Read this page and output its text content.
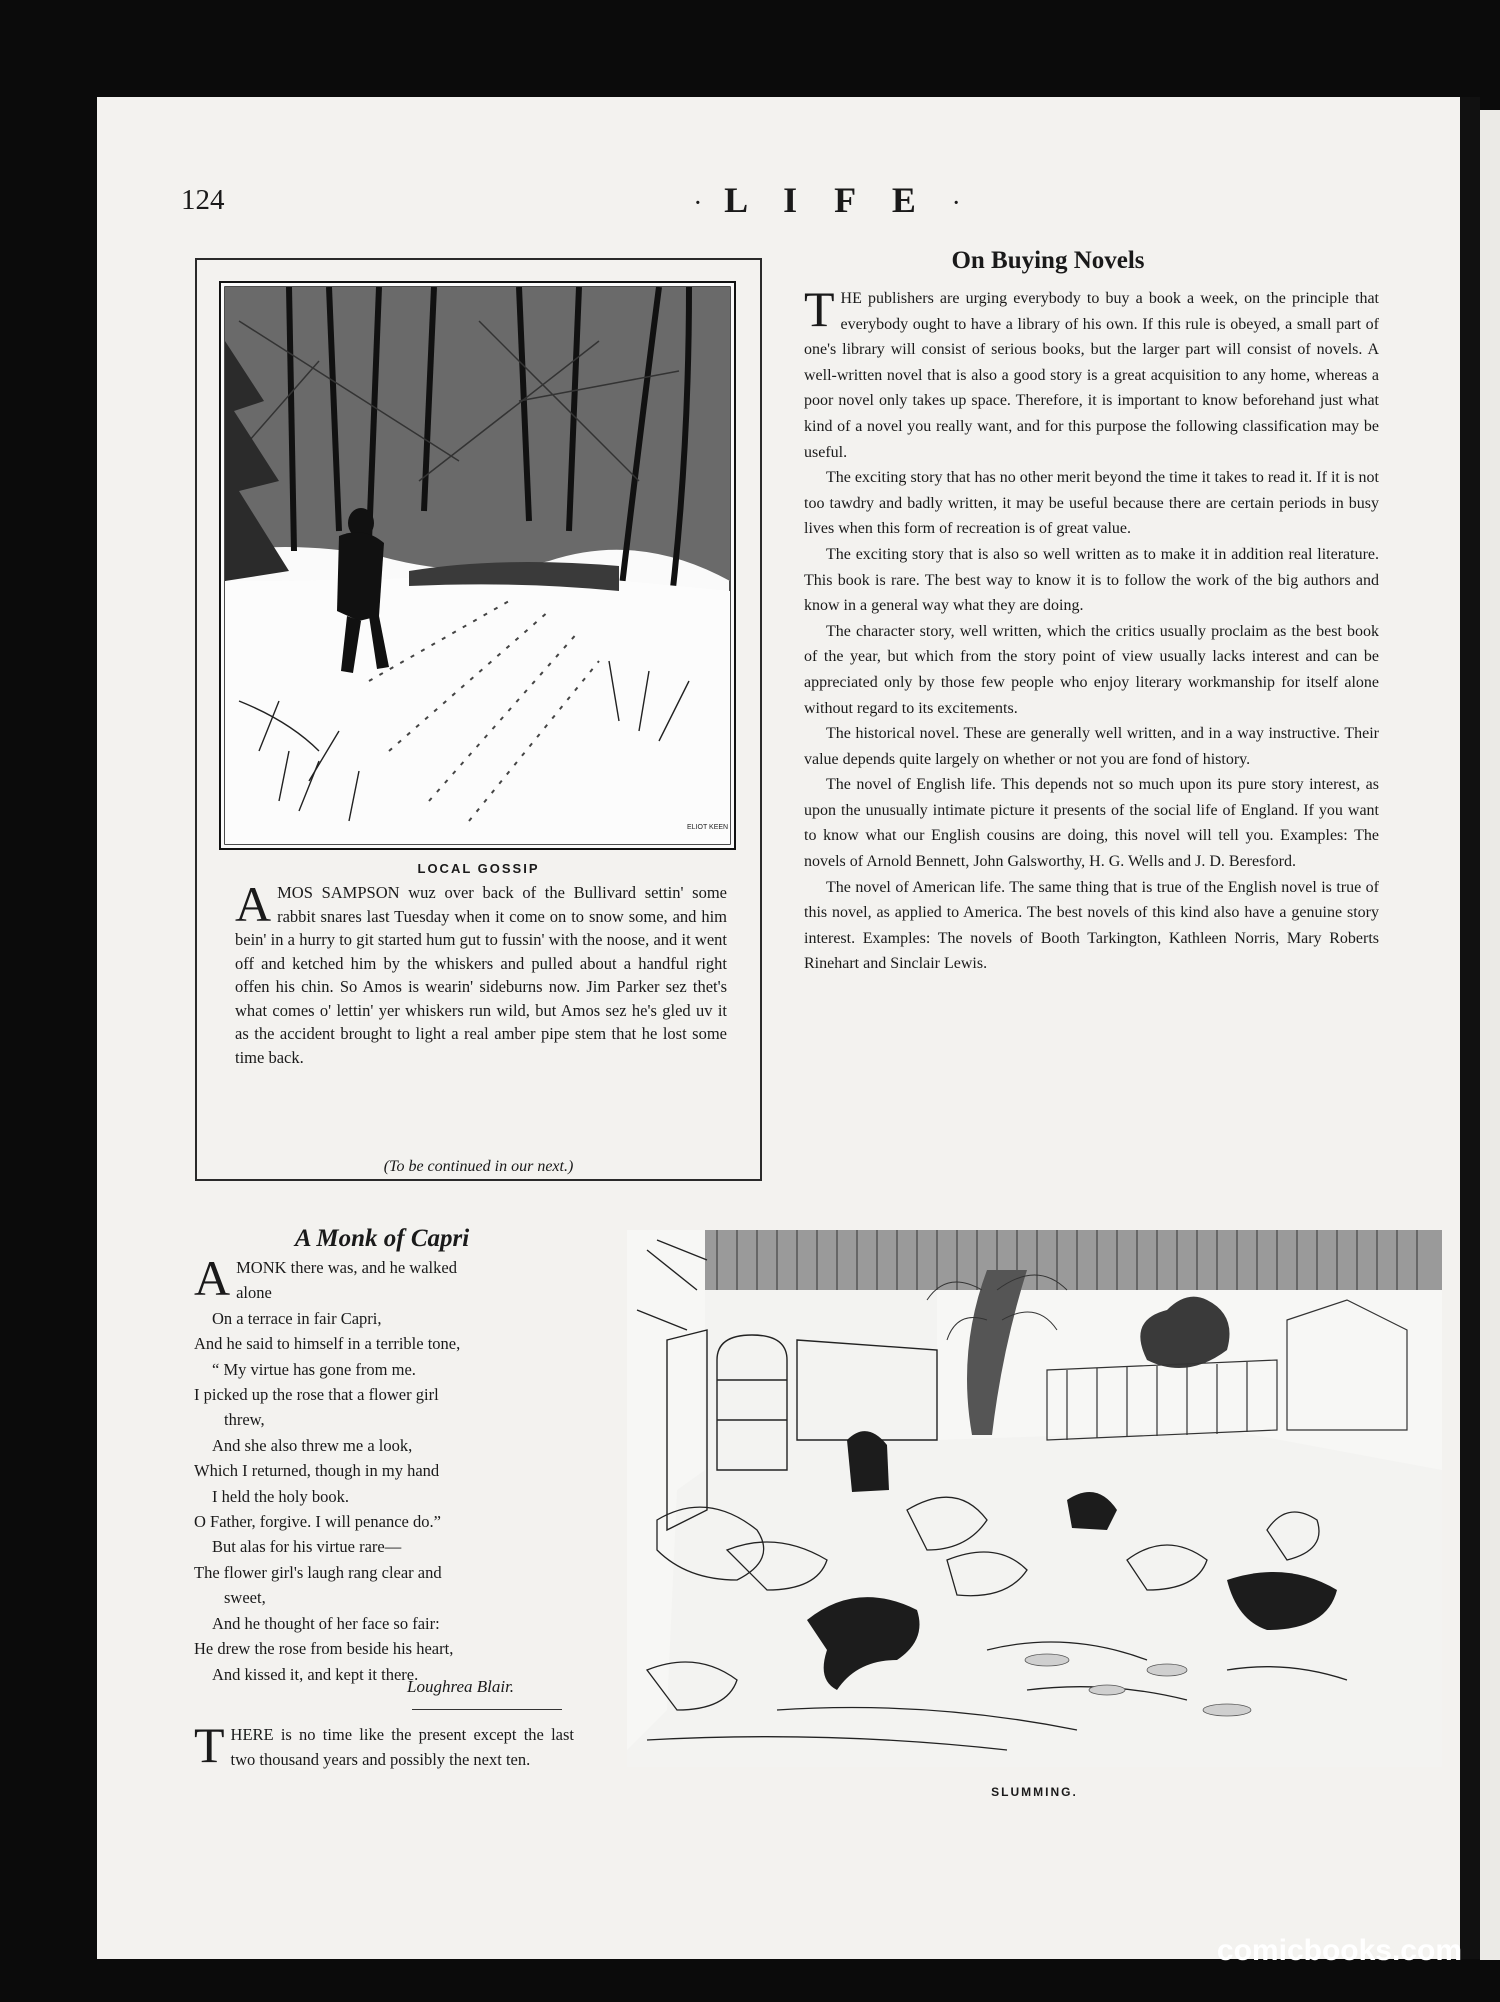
124	· L I F E ·
ELIOT KEEN
LOCAL GOSSIP

AMOS SAMPSON wuz over back of the Bullivard settin' some rabbit snares last Tuesday when it come on to snow some, and him bein' in a hurry to git started hum gut to fussin' with the noose, and it went off and ketched him by the whiskers and pulled about a handful right offen his chin. So Amos is wearin' sideburns now. Jim Parker sez thet's what comes o' lettin' yer whiskers run wild, but Amos sez he's gled uv it as the accident brought to light a real amber pipe stem that he lost some time back.

(To be continued in our next.)
On Buying Novels

THE publishers are urging everybody to buy a book a week, on the principle that everybody ought to have a library of his own. If this rule is obeyed, a small part of one's library will consist of serious books, but the larger part will consist of novels. A well-written novel that is also a good story is a great acquisition to any home, whereas a poor novel only takes up space. Therefore, it is important to know beforehand just what kind of a novel you really want, and for this purpose the following classification may be useful.

The exciting story that has no other merit beyond the time it takes to read it. If it is not too tawdry and badly written, it may be useful because there are certain periods in busy lives when this form of recreation is of great value.

The exciting story that is also so well written as to make it in addition real literature. This book is rare. The best way to know it is to follow the work of the big authors and know in a general way what they are doing.

The character story, well written, which the critics usually proclaim as the best book of the year, but which from the story point of view usually lacks interest and can be appreciated only by those few people who enjoy literary workmanship for itself alone without regard to its excitements.

The historical novel. These are generally well written, and in a way instructive. Their value depends quite largely on whether or not you are fond of history.

The novel of English life. This depends not so much upon its pure story interest, as upon the unusually intimate picture it presents of the social life of England. If you want to know what our English cousins are doing, this novel will tell you. Examples: The novels of Arnold Bennett, John Galsworthy, H. G. Wells and J. D. Beresford.

The novel of American life. The same thing that is true of the English novel is true of this novel, as applied to America. The best novels of this kind also have a genuine story interest. Examples: The novels of Booth Tarkington, Kathleen Norris, Mary Roberts Rinehart and Sinclair Lewis.

A Monk of Capri
A MONK there was, and he walked
alone
On a terrace in fair Capri,
And he said to himself in a terrible tone,
“ My virtue has gone from me.
I picked up the rose that a flower girl
threw,
And she also threw me a look,
Which I returned, though in my hand
I held the holy book.
O Father, forgive. I will penance do.”
But alas for his virtue rare—
The flower girl's laugh rang clear and
sweet,
And he thought of her face so fair:
He drew the rose from beside his heart,
And kissed it, and kept it there.
Loughrea Blair.

THERE is no time like the present except the last two thousand years and possibly the next ten.

SLUMMING.
comicbooks.com
